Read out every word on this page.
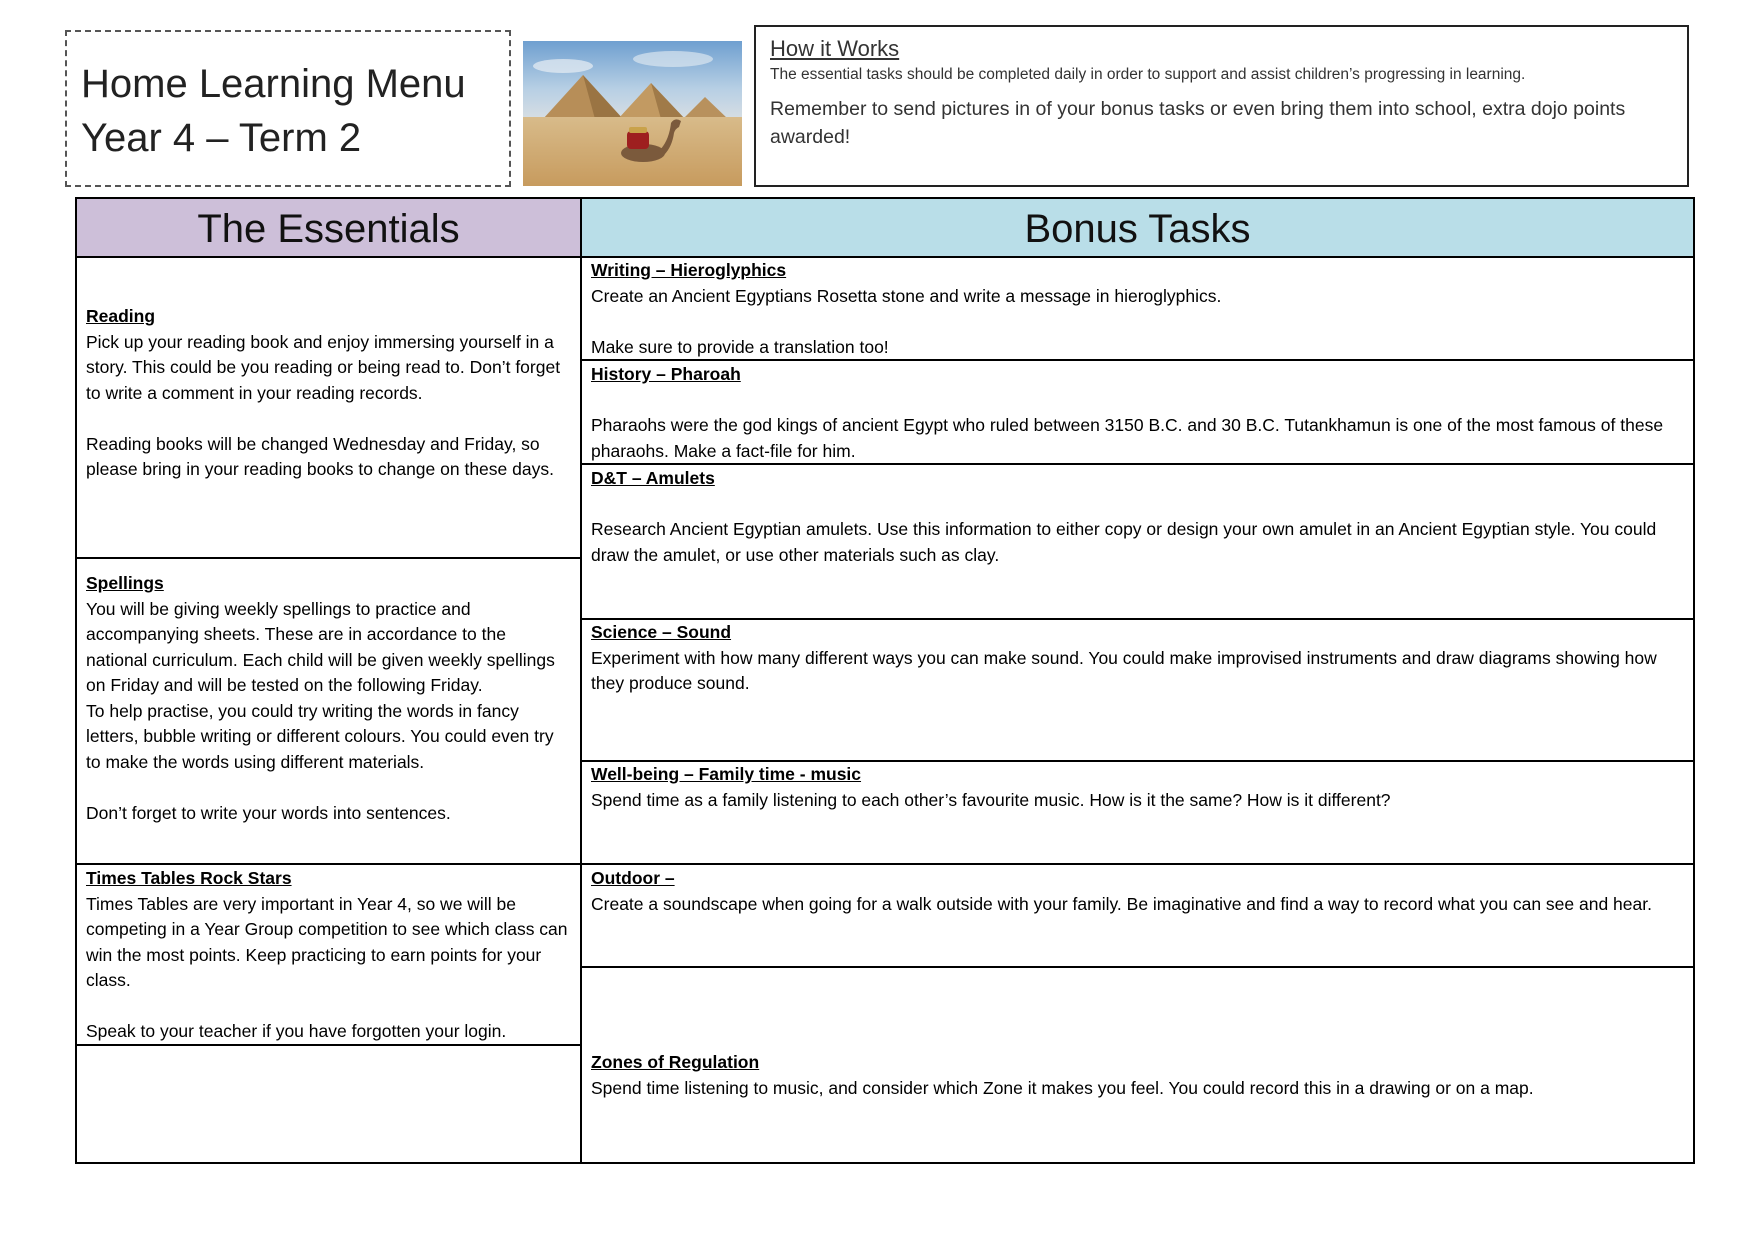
Home Learning Menu
Year 4 – Term 2
How it Works
The essential tasks should be completed daily in order to support and assist children’s progressing in learning.
Remember to send pictures in of your bonus tasks or even bring them into school, extra dojo points awarded!
The Essentials
Reading
Pick up your reading book and enjoy immersing yourself in a story. This could be you reading or being read to. Don’t forget to write a comment in your reading records.
Reading books will be changed Wednesday and Friday, so please bring in your reading books to change on these days.
Spellings
You will be giving weekly spellings to practice and accompanying sheets. These are in accordance to the national curriculum. Each child will be given weekly spellings on Friday and will be tested on the following Friday.
To help practise, you could try writing the words in fancy letters, bubble writing or different colours. You could even try to make the words using different materials.
Don’t forget to write your words into sentences.
Times Tables Rock Stars
Times Tables are very important in Year 4, so we will be competing in a Year Group competition to see which class can win the most points. Keep practicing to earn points for your class.
Speak to your teacher if you have forgotten your login.
Bonus Tasks
Writing – Hieroglyphics
Create an Ancient Egyptians Rosetta stone and write a message in hieroglyphics.
Make sure to provide a translation too!
History – Pharoah
Pharaohs were the god kings of ancient Egypt who ruled between 3150 B.C. and 30 B.C. Tutankhamun is one of the most famous of these pharaohs. Make a fact-file for him.
D&T – Amulets
Research Ancient Egyptian amulets. Use this information to either copy or design your own amulet in an Ancient Egyptian style. You could draw the amulet, or use other materials such as clay.
Science – Sound
Experiment with how many different ways you can make sound. You could make improvised instruments and draw diagrams showing how they produce sound.
Well-being – Family time - music
Spend time as a family listening to each other’s favourite music. How is it the same? How is it different?
Outdoor –
Create a soundscape when going for a walk outside with your family. Be imaginative and find a way to record what you can see and hear.
Zones of Regulation
Spend time listening to music, and consider which Zone it makes you feel. You could record this in a drawing or on a map.
